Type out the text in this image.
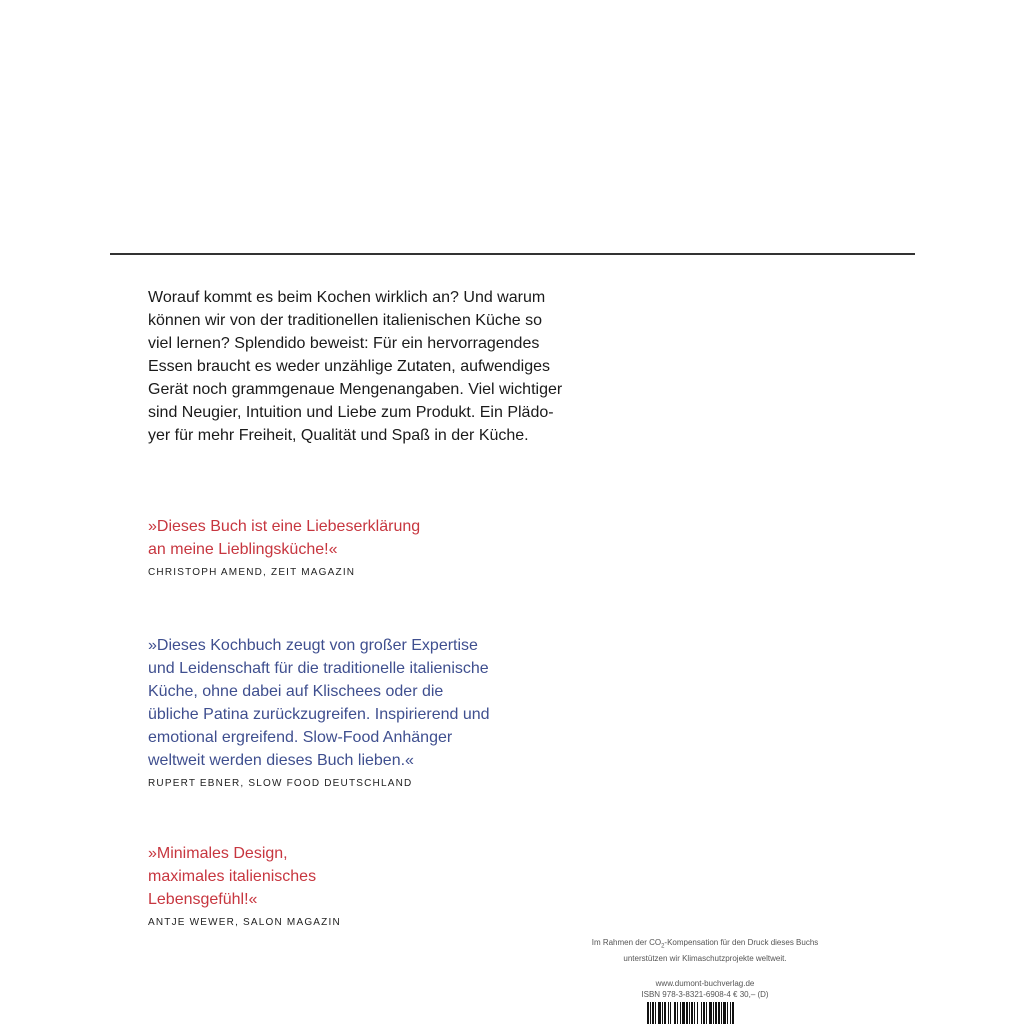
Worauf kommt es beim Kochen wirklich an? Und warum
können wir von der traditionellen italienischen Küche so
viel lernen? Splendido beweist: Für ein hervorragendes
Essen braucht es weder unzählige Zutaten, aufwendiges
Gerät noch grammgenaue Mengenangaben. Viel wichtiger
sind Neugier, Intuition und Liebe zum Produkt. Ein Plädo-
yer für mehr Freiheit, Qualität und Spaß in der Küche.
»Dieses Buch ist eine Liebeserklärung
an meine Lieblingsküche!«
CHRISTOPH AMEND, ZEIT MAGAZIN
»Dieses Kochbuch zeugt von großer Expertise
und Leidenschaft für die traditionelle italienische
Küche, ohne dabei auf Klischees oder die
übliche Patina zurückzugreifen. Inspirierend und
emotional ergreifend. Slow-Food Anhänger
weltweit werden dieses Buch lieben.«
RUPERT EBNER, SLOW FOOD DEUTSCHLAND
»Minimales Design,
maximales italienisches
Lebensgefühl!«
ANTJE WEWER, SALON MAGAZIN
Im Rahmen der $CO_2$-Kompensation für den Druck dieses Buchs
unterstützen wir Klimaschutzprojekte weltweit.
www.dumont-buchverlag.de
ISBN 978-3-8321-6908-4 € 30,– (D)
